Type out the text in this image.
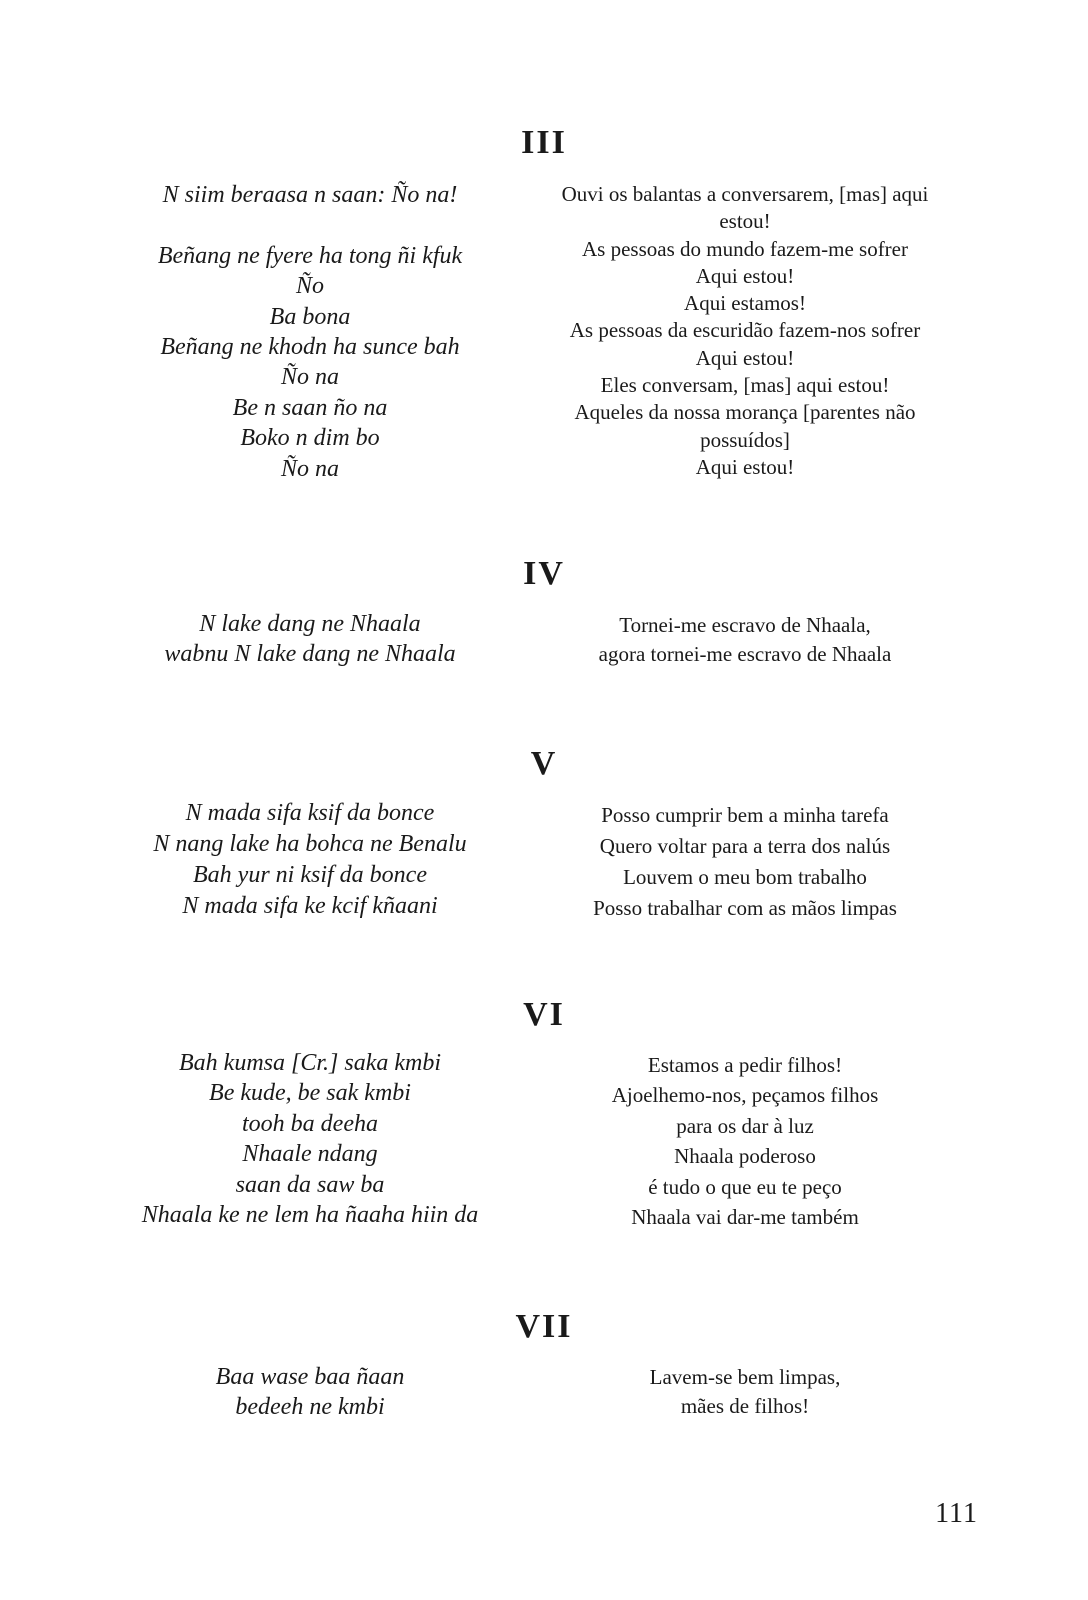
III
N siim beraasa n saan: Ño na!

Beñang ne fyere ha tong ñi kfuk
Ño
Ba bona
Beñang ne khodn ha sunce bah
Ño na
Be n saan ño na
Boko n dim bo
Ño na
Ouvi os balantas a conversarem, [mas] aqui
estou!
As pessoas do mundo fazem-me sofrer
Aqui estou!
Aqui estamos!
As pessoas da escuridão fazem-nos sofrer
Aqui estou!
Eles conversam, [mas] aqui estou!
Aqueles da nossa morança [parentes não
possuídos]
Aqui estou!
IV
N lake dang ne Nhaala
wabnu N lake dang ne Nhaala
Tornei-me escravo de Nhaala,
agora tornei-me escravo de Nhaala
V
N mada sifa ksif da bonce
N nang lake ha bohca ne Benalu
Bah yur ni ksif da bonce
N mada sifa ke kcif kñaani
Posso cumprir bem a minha tarefa
Quero voltar para a terra dos nalús
Louvem o meu bom trabalho
Posso trabalhar com as mãos limpas
VI
Bah kumsa [Cr.] saka kmbi
Be kude, be sak kmbi
tooh ba deeha
Nhaale ndang
saan da saw ba
Nhaala ke ne lem ha ñaaha hiin da
Estamos a pedir filhos!
Ajoelhemo-nos, peçamos filhos
para os dar à luz
Nhaala poderoso
é tudo o que eu te peço
Nhaala vai dar-me também
VII
Baa wase baa ñaan
bedeeh ne kmbi
Lavem-se bem limpas,
mães de filhos!
111
